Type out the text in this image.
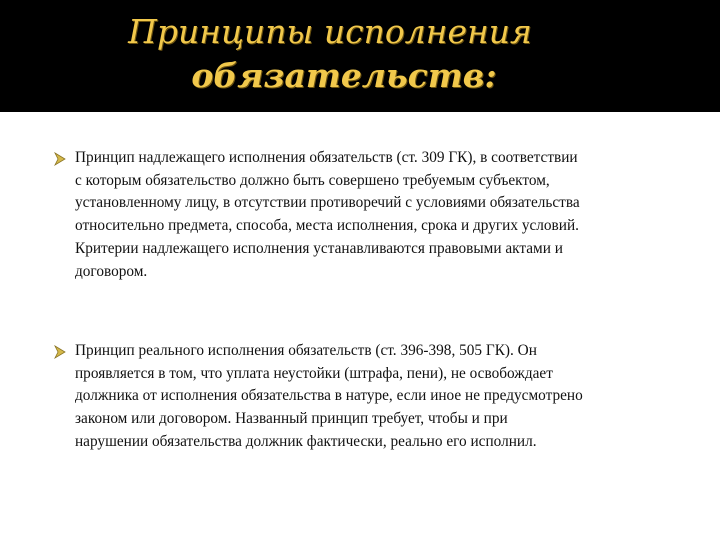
Принципы исполнения
обязательств:
Принцип надлежащего исполнения обязательств (ст. 309 ГК), в соответствии
с которым обязательство должно быть совершено требуемым субъектом,
установленному лицу, в отсутствии противоречий с условиями обязательства
относительно предмета, способа, места исполнения, срока и других условий.
Критерии надлежащего исполнения устанавливаются правовыми актами и
договором.
Принцип реального исполнения обязательств (ст. 396-398, 505 ГК). Он
проявляется в том, что уплата неустойки (штрафа, пени), не освобождает
должника от исполнения обязательства в натуре, если иное не предусмотрено
законом или договором. Названный принцип требует, чтобы и при
нарушении обязательства должник фактически, реально его исполнил.
